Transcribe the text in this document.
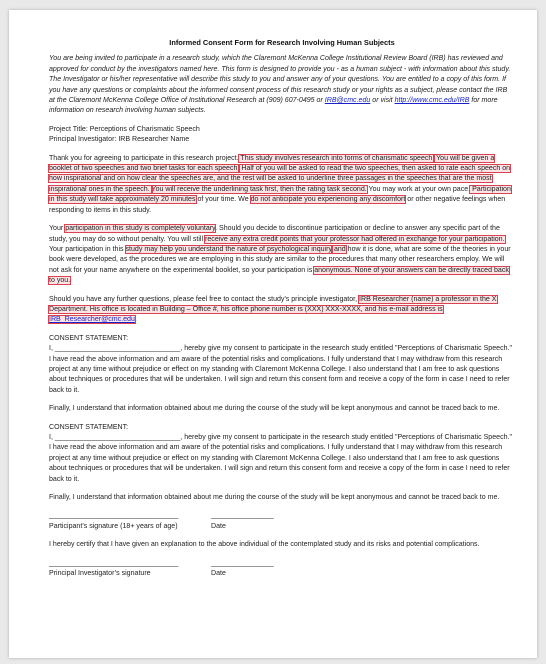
Informed Consent Form for Research Involving Human Subjects

You are being invited to participate in a research study, which the Claremont McKenna College Institutional Review Board (IRB) has reviewed and approved for conduct by the investigators named here. This form is designed to provide you - as a human subject - with information about this study. The Investigator or his/her representative will describe this study to you and answer any of your questions. You are entitled to a copy of this form. If you have any questions or complaints about the informed consent process of this research study or your rights as a subject, please contact the IRB at the Claremont McKenna College Office of Institutional Research at (909) 607-0495 or IRB@cmc.edu or visit http://www.cmc.edu/IRB for more information on research involving human subjects.

Project Title: Perceptions of Charismatic Speech

Principal Investigator: IRB Researcher Name

Thank you for agreeing to participate in this research project. This study involves research into forms of charismatic speech. You will be given a booklet of two speeches and two brief tasks for each speech. Half of you will be asked to read the two speeches, then asked to rate each speech on how inspirational and on how clear the speeches are, and the rest will be asked to underline three passages in the speeches that are the most inspirational ones in the speech. You will receive the underlining task first, then the rating task second. You may work at your own pace. Participation in this study will take approximately 20 minutes of your time. We do not anticipate you experiencing any discomfort or other negative feelings when responding to items in this study.

Your participation in this study is completely voluntary. Should you decide to discontinue participation or decline to answer any specific part of the study, you may do so without penalty. You will still receive any extra credit points that your professor had offered in exchange for your participation. Your participation in this study may help you understand the nature of psychological inquiry and how it is done, what are some of the theories in your book were developed, as the procedures we are employing in this study are similar to the procedures that many other researchers employ. We will not ask for your name anywhere on the experimental booklet, so your participation is anonymous. None of your answers can be directly traced back to you.

Should you have any further questions, please feel free to contact the study's principle investigator, IRB Researcher (name) a professor in the X Department. His office is located in Building – Office #, his office phone number is (XXX) XXX-XXXX, and his e-mail address is IRB_Researcher@cmc.edu.

CONSENT STATEMENT:

I, ________________________________, hereby give my consent to participate in the research study entitled "Perceptions of Charismatic Speech." I have read the above information and am aware of the potential risks and complications. I fully understand that I may withdraw from this research project at any time without prejudice or effect on my standing with Claremont McKenna College. I also understand that I am free to ask questions about techniques or procedures that will be undertaken. I will sign and return this consent form and receive a copy of the form in case I need to refer back to it.

Finally, I understand that information obtained about me during the course of the study will be kept anonymous and cannot be traced back to me.

CONSENT STATEMENT:

I, ________________________________, hereby give my consent to participate in the research study entitled "Perceptions of Charismatic Speech." I have read the above information and am aware of the potential risks and complications. I fully understand that I may withdraw from this research project at any time without prejudice or effect on my standing with Claremont McKenna College. I also understand that I am free to ask questions about techniques or procedures that will be undertaken. I will sign and return this consent form and receive a copy of the form in case I need to refer back to it.

Finally, I understand that information obtained about me during the course of the study will be kept anonymous and cannot be traced back to me.

_________________________________	________________

Participant’s signature (18+ years of age)	Date

I hereby certify that I have given an explanation to the above individual of the contemplated study and its risks and potential complications.

_________________________________	________________

Principal Investigator’s signature	Date
